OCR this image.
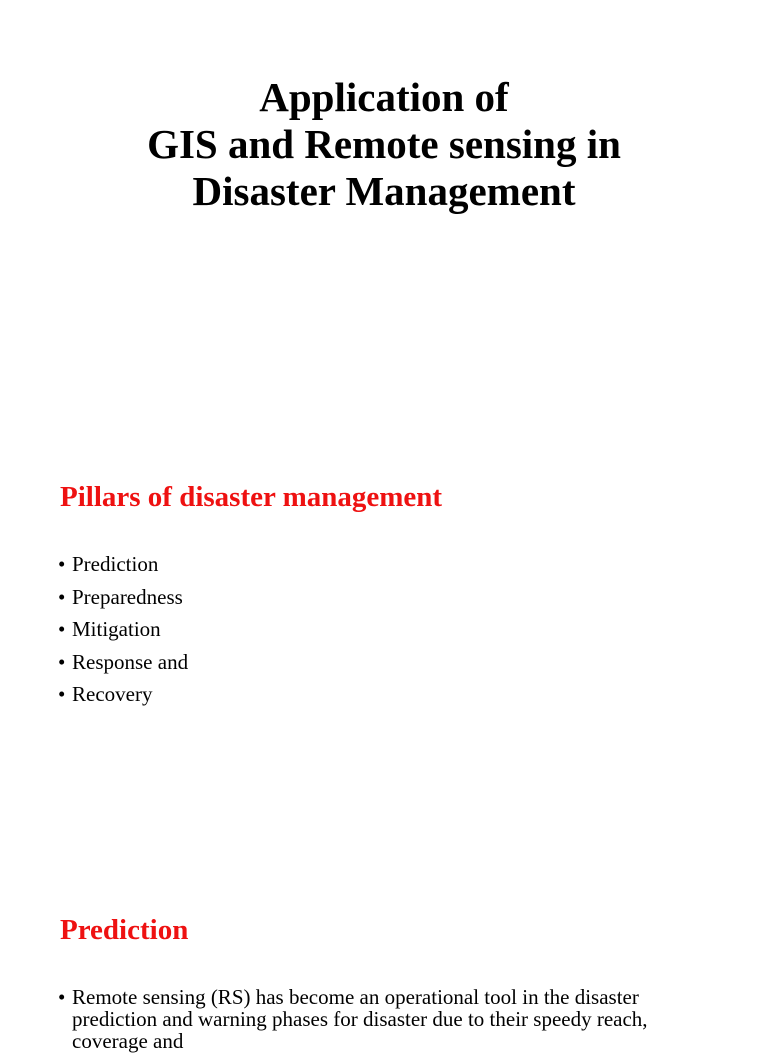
Application of
GIS and Remote sensing in
Disaster Management
Pillars of disaster management
• Prediction
• Preparedness
• Mitigation
• Response and
• Recovery
Prediction
• Remote sensing (RS) has become an operational tool in the disaster prediction and warning phases for disaster due to their speedy reach, coverage and
